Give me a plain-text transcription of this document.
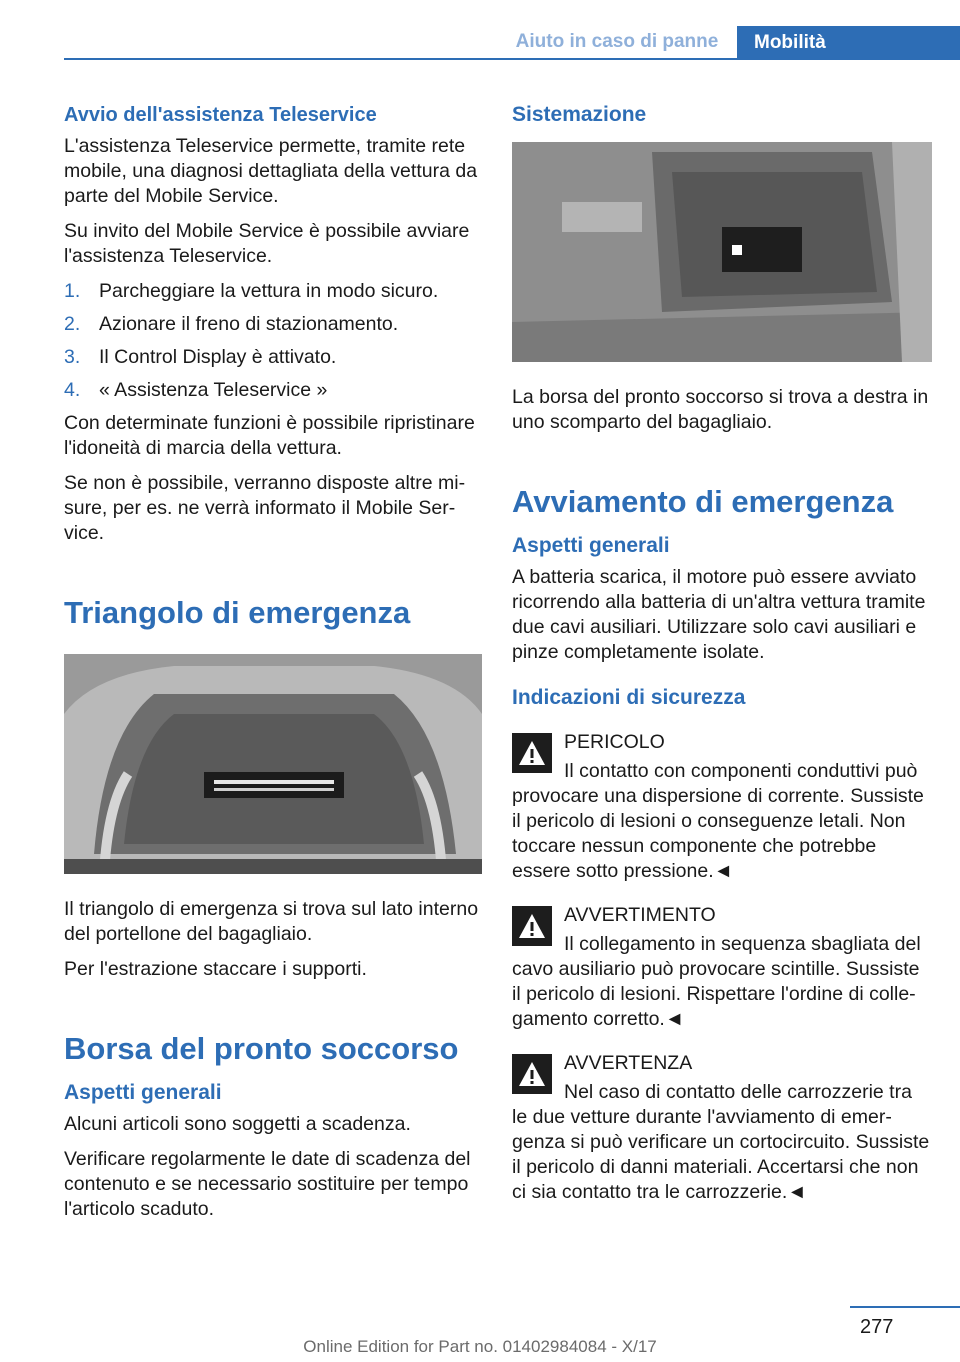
Aiuto in caso di panne	Mobilità
Avvio dell'assistenza Teleservice

L'assistenza Teleservice permette, tramite rete mobile, una diagnosi dettagliata della vettura da parte del Mobile Service.

Su invito del Mobile Service è possibile avviare l'assistenza Teleservice.

1. Parcheggiare la vettura in modo sicuro.
2. Azionare il freno di stazionamento.
3. Il Control Display è attivato.
4. « Assistenza Teleservice »

Con determinate funzioni è possibile ripristinare l'idoneità di marcia della vettura.

Se non è possibile, verranno disposte altre misure, per es. ne verrà informato il Mobile Service.

Triangolo di emergenza

Il triangolo di emergenza si trova sul lato interno del portellone del bagagliaio.

Per l'estrazione staccare i supporti.

Borsa del pronto soccorso
Aspetti generali

Alcuni articoli sono soggetti a scadenza.

Verificare regolarmente le date di scadenza del contenuto e se necessario sostituire per tempo l'articolo scaduto.

Sistemazione

La borsa del pronto soccorso si trova a destra in uno scomparto del bagagliaio.

Avviamento di emergenza
Aspetti generali

A batteria scarica, il motore può essere avviato ricorrendo alla batteria di un'altra vettura tramite due cavi ausiliari. Utilizzare solo cavi ausiliari e pinze completamente isolate.

Indicazioni di sicurezza
PERICOLO

Il contatto con componenti conduttivi può provocare una dispersione di corrente. Sussiste il pericolo di lesioni o conseguenze letali. Non toccare nessun componente che potrebbe essere sotto pressione.◄

AVVERTIMENTO

Il collegamento in sequenza sbagliata del cavo ausiliario può provocare scintille. Sussiste il pericolo di lesioni. Rispettare l'ordine di collegamento corretto.◄

AVVERTENZA

Nel caso di contatto delle carrozzerie tra le due vetture durante l'avviamento di emergenza si può verificare un cortocircuito. Sussiste il pericolo di danni materiali. Accertarsi che non ci sia contatto tra le carrozzerie.◄

277
Online Edition for Part no. 01402984084 - X/17
